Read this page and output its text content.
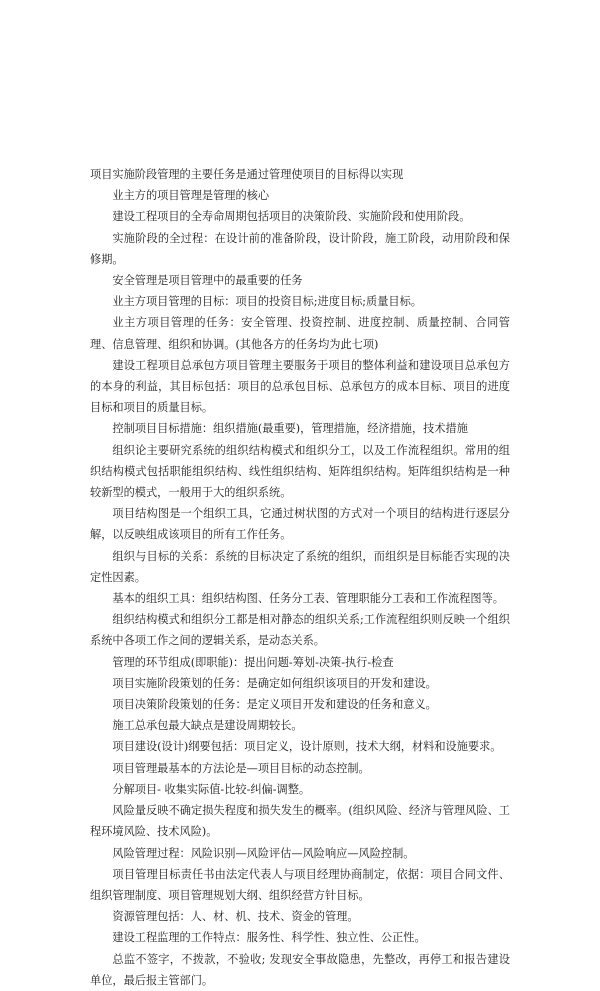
项目实施阶段管理的主要任务是通过管理使项目的目标得以实现

业主方的项目管理是管理的核心

建设工程项目的全寿命周期包括项目的决策阶段、实施阶段和使用阶段。

实施阶段的全过程：在设计前的准备阶段，设计阶段，施工阶段，动用阶段和保修期。

安全管理是项目管理中的最重要的任务

业主方项目管理的目标：项目的投资目标;进度目标;质量目标。

业主方项目管理的任务：安全管理、投资控制、进度控制、质量控制、合同管理、信息管理、组织和协调。(其他各方的任务均为此七项)

建设工程项目总承包方项目管理主要服务于项目的整体利益和建设项目总承包方的本身的利益，其目标包括：项目的总承包目标、总承包方的成本目标、项目的进度目标和项目的质量目标。

控制项目目标措施：组织措施(最重要)，管理措施，经济措施，技术措施

组织论主要研究系统的组织结构模式和组织分工，以及工作流程组织。常用的组织结构模式包括职能组织结构、线性组织结构、矩阵组织结构。矩阵组织结构是一种较新型的模式，一般用于大的组织系统。

项目结构图是一个组织工具，它通过树状图的方式对一个项目的结构进行逐层分解，以反映组成该项目的所有工作任务。

组织与目标的关系：系统的目标决定了系统的组织，而组织是目标能否实现的决定性因素。

基本的组织工具：组织结构图、任务分工表、管理职能分工表和工作流程图等。

组织结构模式和组织分工都是相对静态的组织关系;工作流程组织则反映一个组织系统中各项工作之间的逻辑关系，是动态关系。

管理的环节组成(即职能)：提出问题-筹划-决策-执行-检查

项目实施阶段策划的任务：是确定如何组织该项目的开发和建设。

项目决策阶段策划的任务：是定义项目开发和建设的任务和意义。

施工总承包最大缺点是建设周期较长。

项目建设(设计)纲要包括：项目定义，设计原则，技术大纲，材料和设施要求。

项目管理最基本的方法论是—项目目标的动态控制。

分解项目- 收集实际值-比较-纠偏-调整。

风险量反映不确定损失程度和损失发生的概率。(组织风险、经济与管理风险、工程环境风险、技术风险)。

风险管理过程：风险识别—风险评估—风险响应—风险控制。

项目管理目标责任书由法定代表人与项目经理协商制定，依据：项目合同文件、组织管理制度、项目管理规划大纲、组织经营方针目标。

资源管理包括：人、材、机、技术、资金的管理。

建设工程监理的工作特点：服务性、科学性、独立性、公正性。

总监不签字，不拨款，不验收; 发现安全事故隐患，先整改，再停工和报告建设单位，最后报主管部门。
